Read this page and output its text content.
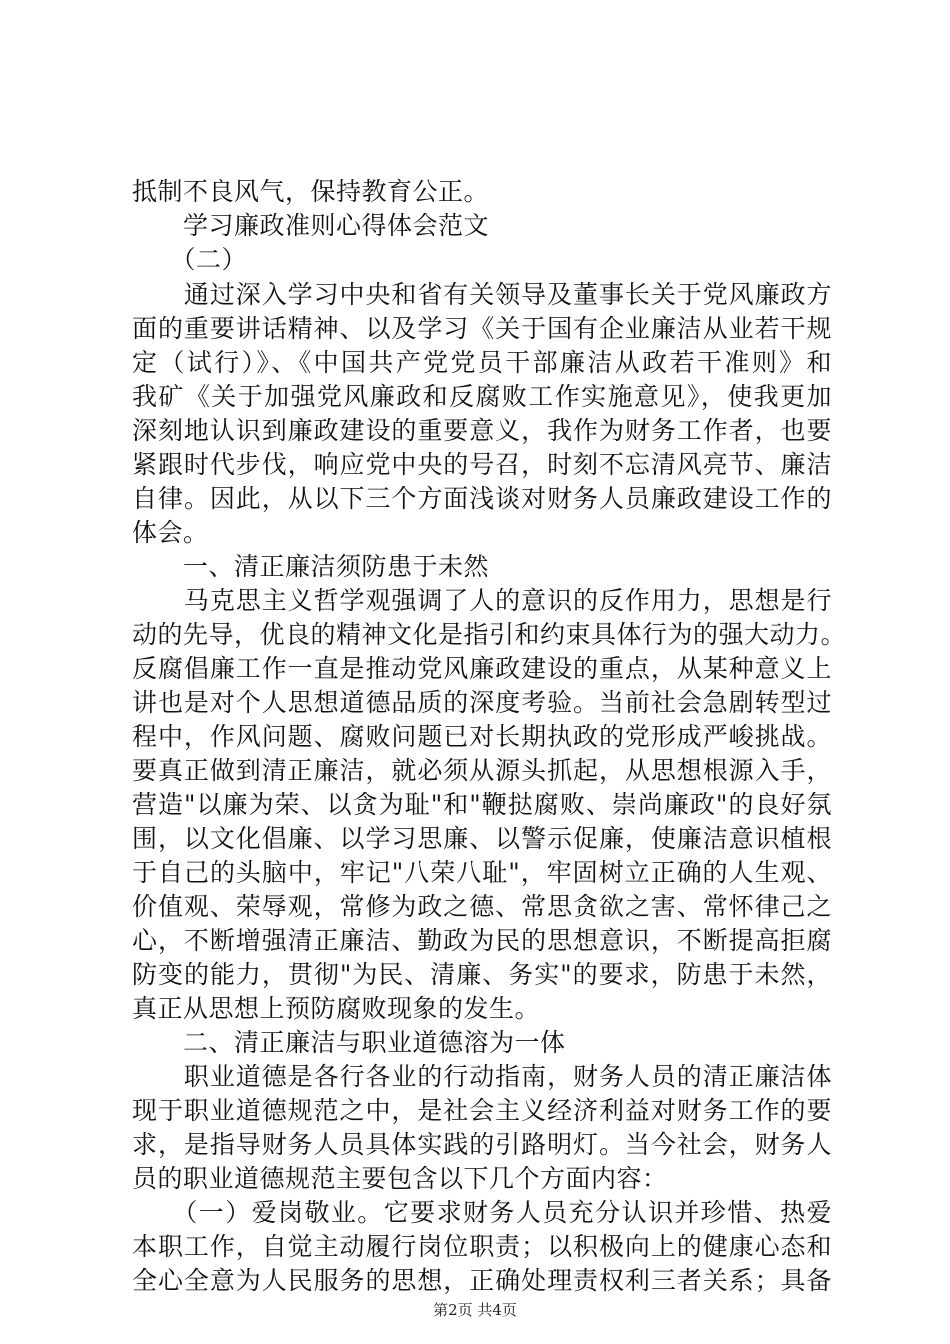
抵制不良风气，保持教育公正。
　　学习廉政准则心得体会范文
　　（二）
　　通过深入学习中央和省有关领导及董事长关于党风廉政方
面的重要讲话精神、以及学习《关于国有企业廉洁从业若干规
定（试行）》、《中国共产党党员干部廉洁从政若干准则》和
我矿《关于加强党风廉政和反腐败工作实施意见》，使我更加
深刻地认识到廉政建设的重要意义，我作为财务工作者，也要
紧跟时代步伐，响应党中央的号召，时刻不忘清风亮节、廉洁
自律。因此，从以下三个方面浅谈对财务人员廉政建设工作的
体会。
　　一、清正廉洁须防患于未然
　　马克思主义哲学观强调了人的意识的反作用力，思想是行
动的先导，优良的精神文化是指引和约束具体行为的强大动力。
反腐倡廉工作一直是推动党风廉政建设的重点，从某种意义上
讲也是对个人思想道德品质的深度考验。当前社会急剧转型过
程中，作风问题、腐败问题已对长期执政的党形成严峻挑战。
要真正做到清正廉洁，就必须从源头抓起，从思想根源入手，
营造"以廉为荣、以贪为耻"和"鞭挞腐败、崇尚廉政"的良好氛
围，以文化倡廉、以学习思廉、以警示促廉，使廉洁意识植根
于自己的头脑中，牢记"八荣八耻"，牢固树立正确的人生观、
价值观、荣辱观，常修为政之德、常思贪欲之害、常怀律己之
心，不断增强清正廉洁、勤政为民的思想意识，不断提高拒腐
防变的能力，贯彻"为民、清廉、务实"的要求，防患于未然，
真正从思想上预防腐败现象的发生。
　　二、清正廉洁与职业道德溶为一体
　　职业道德是各行各业的行动指南，财务人员的清正廉洁体
现于职业道德规范之中，是社会主义经济利益对财务工作的要
求，是指导财务人员具体实践的引路明灯。当今社会，财务人
员的职业道德规范主要包含以下几个方面内容：
　　（一）爱岗敬业。它要求财务人员充分认识并珍惜、热爱
本职工作，自觉主动履行岗位职责；以积极向上的健康心态和
全心全意为人民服务的思想，正确处理责权利三者关系；具备
第2页 共4页
